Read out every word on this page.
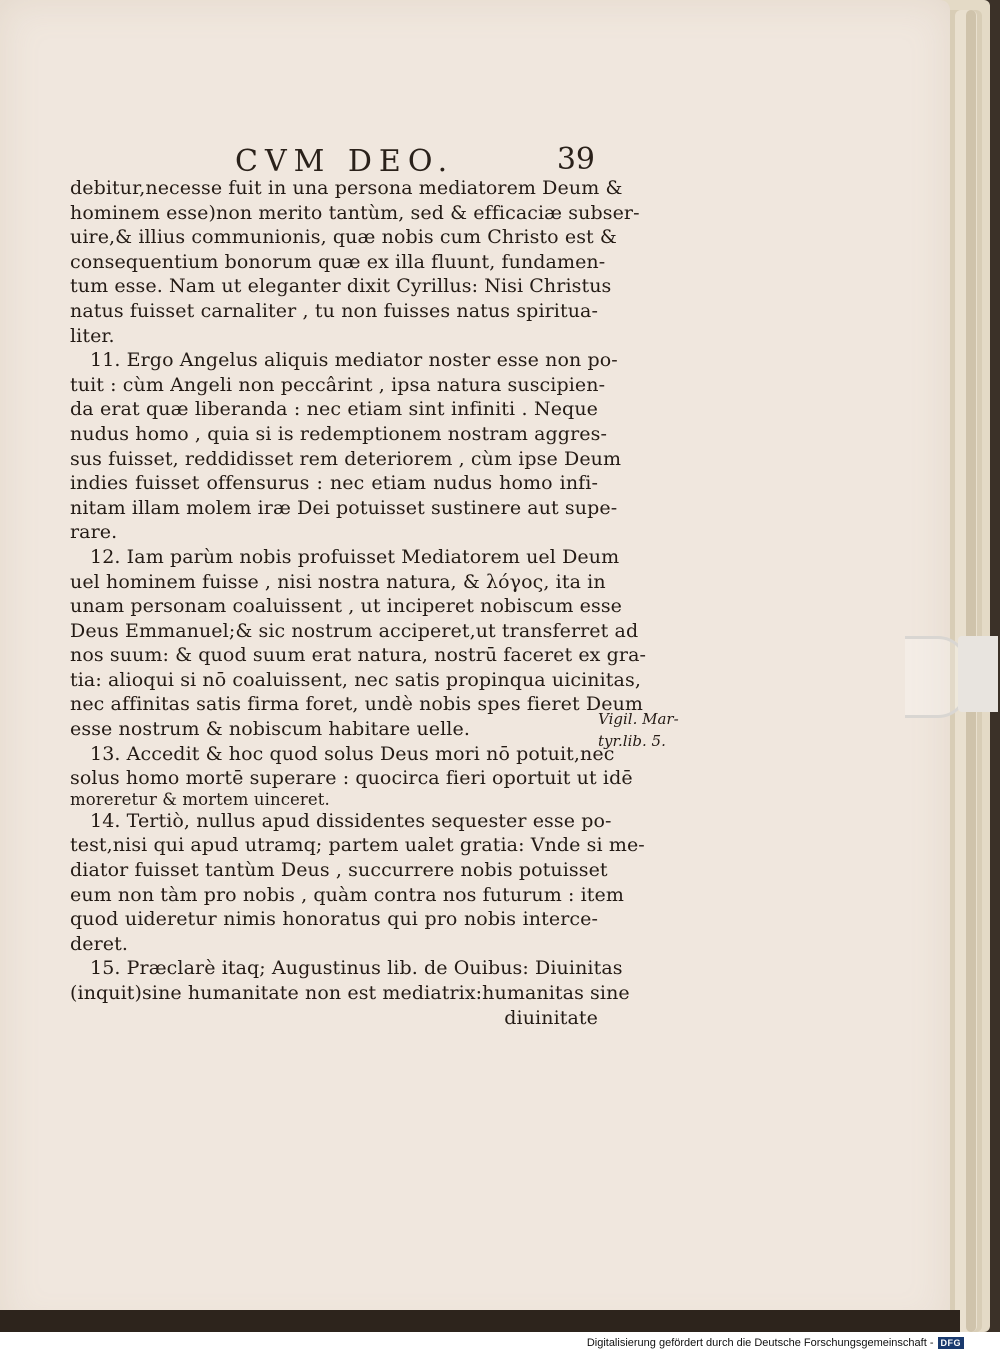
CVM DEO.	39
debitur,necesse fuit in una persona mediatorem Deum &
hominem esse)non merito tantùm, sed & efficaciæ subser-
uire,& illius communionis, quæ nobis cum Christo est &
consequentium bonorum quæ ex illa fluunt, fundamen-
tum esse. Nam ut eleganter dixit Cyrillus: Nisi Christus
natus fuisset carnaliter , tu non fuisses natus spiritua-
liter.
11. Ergo Angelus aliquis mediator noster esse non po-
tuit : cùm Angeli non peccârint , ipsa natura suscipien-
da erat quæ liberanda : nec etiam sint infiniti . Neque
nudus homo , quia si is redemptionem nostram aggres-
sus fuisset, reddidisset rem deteriorem , cùm ipse Deum
indies fuisset offensurus : nec etiam nudus homo infi-
nitam illam molem iræ Dei potuisset sustinere aut supe-
rare.
12. Iam parùm nobis profuisset Mediatorem uel Deum
uel hominem fuisse , nisi nostra natura, & λόγος, ita in
unam personam coaluissent , ut inciperet nobiscum esse
Deus Emmanuel;& sic nostrum acciperet,ut transferret ad
nos suum: & quod suum erat natura, nostrū faceret ex gra-
tia: alioqui si nō coaluissent, nec satis propinqua uicinitas,
nec affinitas satis firma foret, undè nobis spes fieret Deum
esse nostrum & nobiscum habitare uelle.
13. Accedit & hoc quod solus Deus mori nō potuit,nec
solus homo mortē superare : quocirca fieri oportuit ut idē
moreretur & mortem uinceret.
14. Tertiò, nullus apud dissidentes sequester esse po-
test,nisi qui apud utramq; partem ualet gratia: Vnde si me-
diator fuisset tantùm Deus , succurrere nobis potuisset
eum non tàm pro nobis , quàm contra nos futurum : item
quod uideretur nimis honoratus qui pro nobis interce-
deret.
15. Præclarè itaq; Augustinus lib. de Ouibus: Diuinitas
(inquit)sine humanitate non est mediatrix:humanitas sine
diuinitate
Vigil. Mar-
tyr.lib. 5.
Digitalisierung gefördert durch die Deutsche Forschungsgemeinschaft - DFG
